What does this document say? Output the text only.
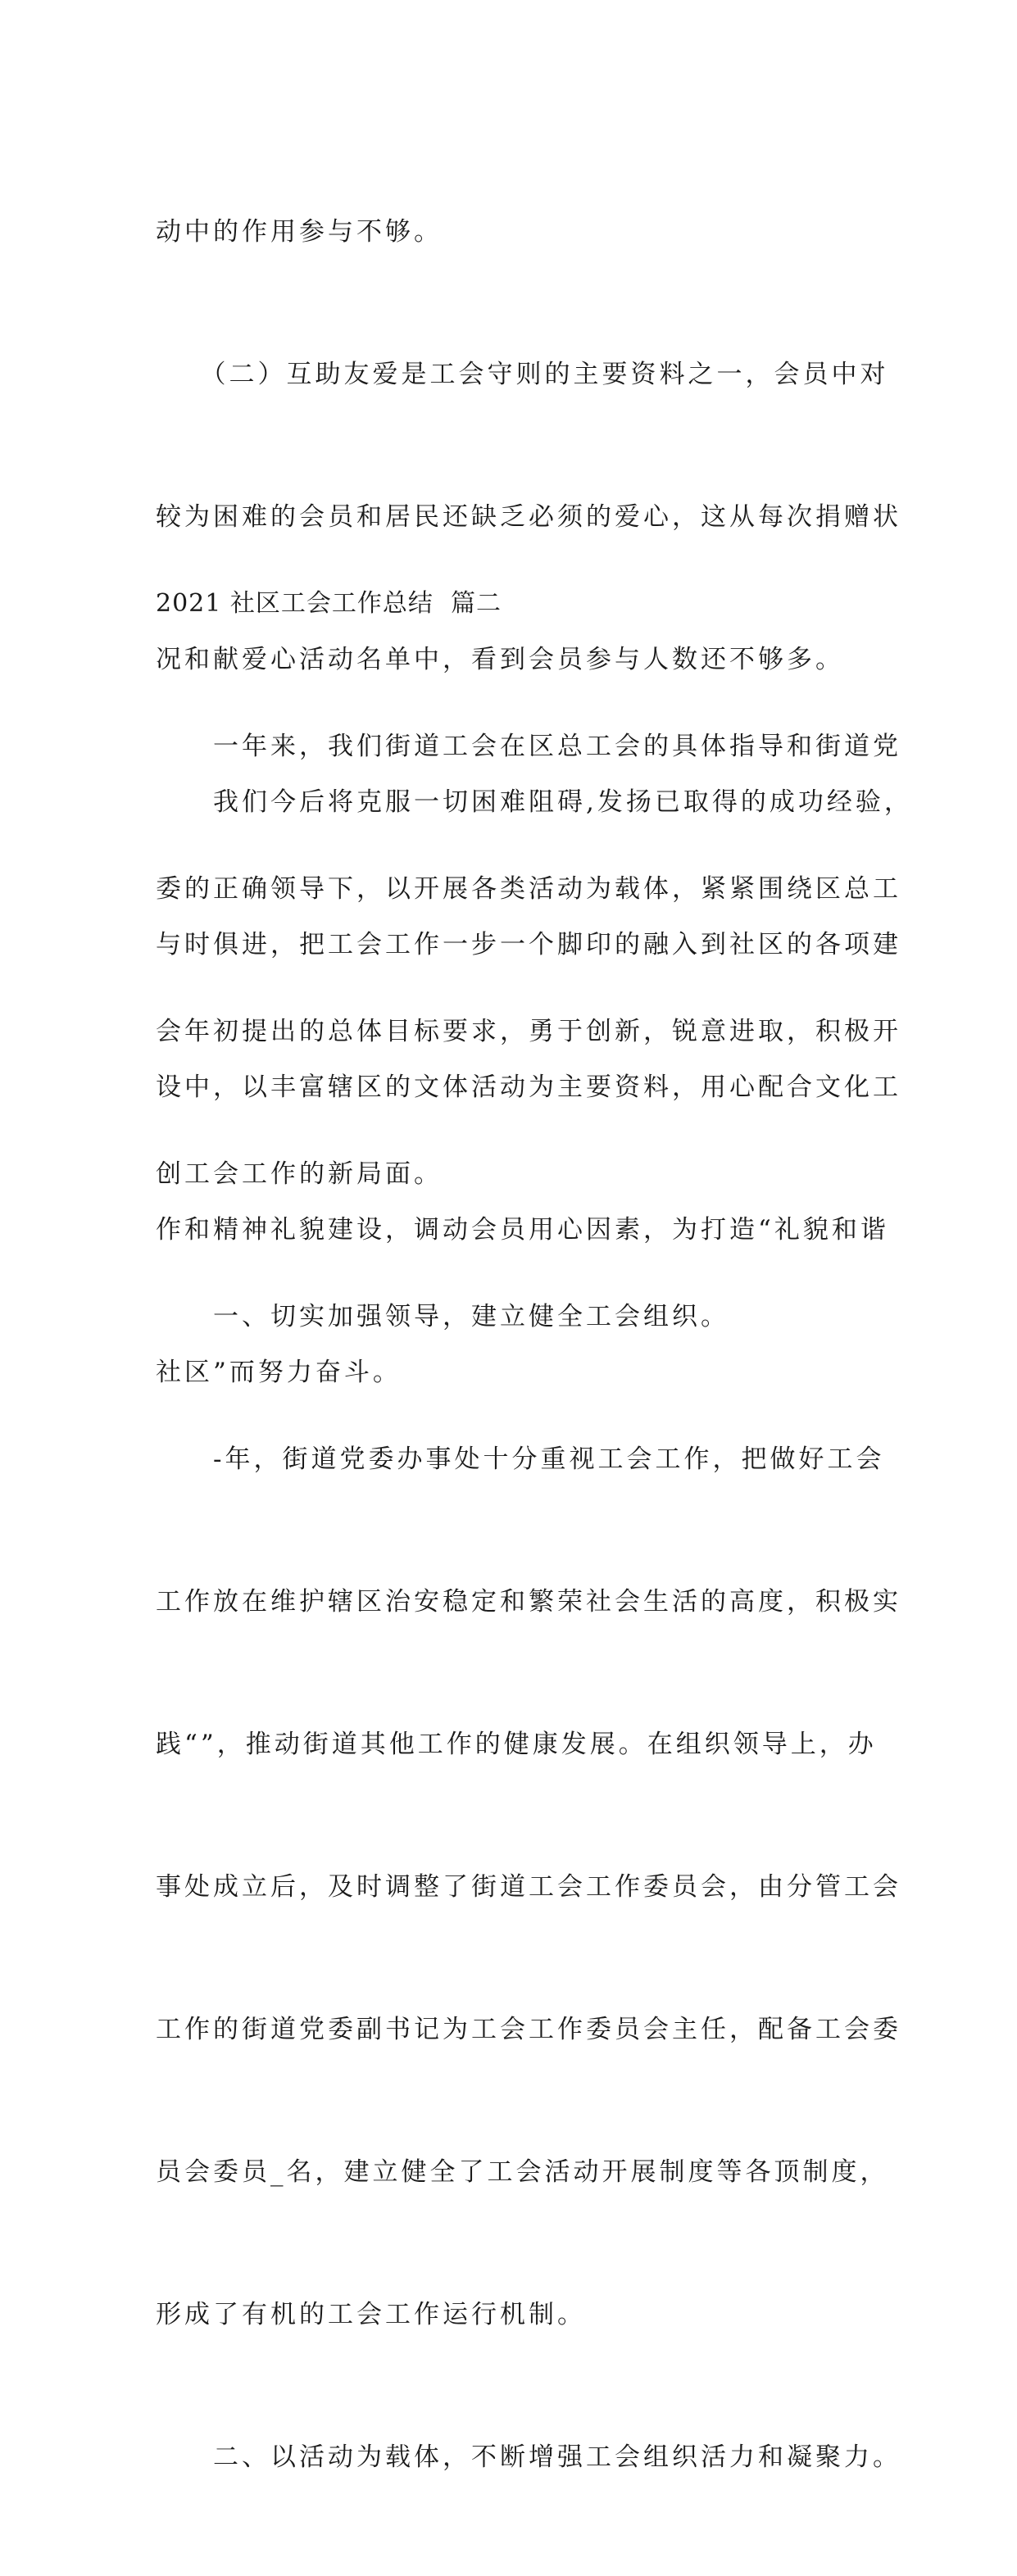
动中的作用参与不够。

　　（二）互助友爱是工会守则的主要资料之一，会员中对

较为困难的会员和居民还缺乏必须的爱心，这从每次捐赠状

况和献爱心活动名单中，看到会员参与人数还不够多。

　　我们今后将克服一切困难阻碍,发扬已取得的成功经验，

与时俱进，把工会工作一步一个脚印的融入到社区的各项建

设中，以丰富辖区的文体活动为主要资料，用心配合文化工

作和精神礼貌建设，调动会员用心因素，为打造“礼貌和谐

社区”而努力奋斗。

2021 社区工会工作总结  篇二

　　一年来，我们街道工会在区总工会的具体指导和街道党

委的正确领导下，以开展各类活动为载体，紧紧围绕区总工

会年初提出的总体目标要求，勇于创新，锐意进取，积极开

创工会工作的新局面。

　　一、切实加强领导，建立健全工会组织。

　　-年，街道党委办事处十分重视工会工作，把做好工会

工作放在维护辖区治安稳定和繁荣社会生活的高度，积极实

践“”，推动街道其他工作的健康发展。在组织领导上，办

事处成立后，及时调整了街道工会工作委员会，由分管工会

工作的街道党委副书记为工会工作委员会主任，配备工会委

员会委员_名，建立健全了工会活动开展制度等各顶制度，

形成了有机的工会工作运行机制。

　　二、以活动为载体，不断增强工会组织活力和凝聚力。
